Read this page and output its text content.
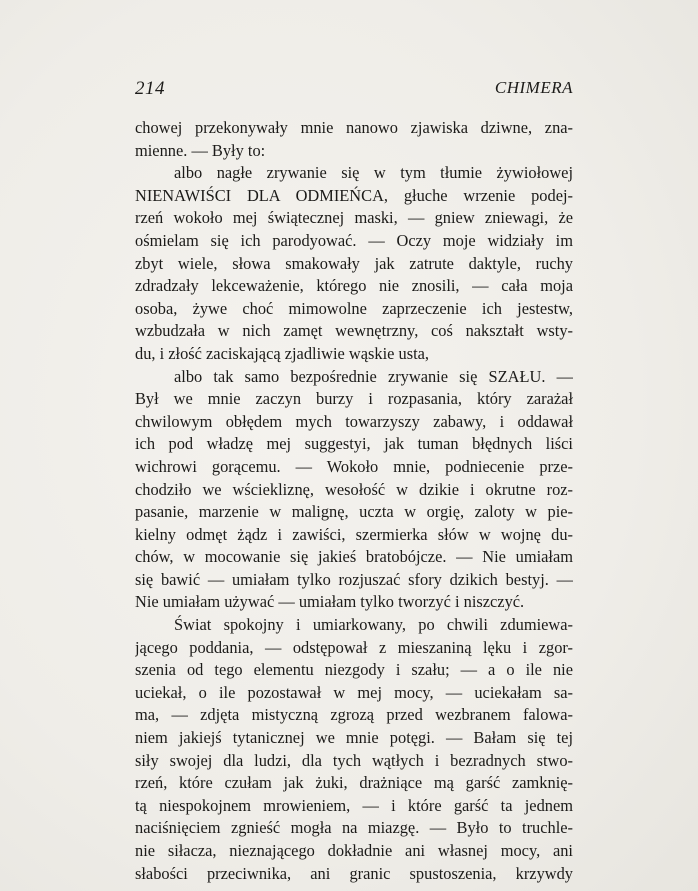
214	CHIMERA
chowej przekonywały mnie nanowo zjawiska dziwne, zna-
mienne. — Były to:
albo nagłe zrywanie się w tym tłumie żywiołowej
NIENAWIŚCI DLA ODMIEŃCA, głuche wrzenie podej-
rzeń wokoło mej świątecznej maski, — gniew zniewagi, że
ośmielam się ich parodyować. — Oczy moje widziały im
zbyt wiele, słowa smakowały jak zatrute daktyle, ruchy
zdradzały lekceważenie, którego nie znosili, — cała moja
osoba, żywe choć mimowolne zaprzeczenie ich jestestw,
wzbudzała w nich zamęt wewnętrzny, coś nakształt wsty-
du, i złość zaciskającą zjadliwie wąskie usta,
albo tak samo bezpośrednie zrywanie się SZAŁU. —
Był we mnie zaczyn burzy i rozpasania, który zarażał
chwilowym obłędem mych towarzyszy zabawy, i oddawał
ich pod władzę mej suggestyi, jak tuman błędnych liści
wichrowi gorącemu. — Wokoło mnie, podniecenie prze-
chodziło we wściekliznę, wesołość w dzikie i okrutne roz-
pasanie, marzenie w malignę, uczta w orgię, zaloty w pie-
kielny odmęt żądz i zawiści, szermierka słów w wojnę du-
chów, w mocowanie się jakieś bratobójcze. — Nie umiałam
się bawić — umiałam tylko rozjuszać sfory dzikich bestyj. —
Nie umiałam używać — umiałam tylko tworzyć i niszczyć.
Świat spokojny i umiarkowany, po chwili zdumiewa-
jącego poddania, — odstępował z mieszaniną lęku i zgor-
szenia od tego elementu niezgody i szału; — a o ile nie
uciekał, o ile pozostawał w mej mocy, — uciekałam sa-
ma, — zdjęta mistyczną zgrozą przed wezbranem falowa-
niem jakiejś tytanicznej we mnie potęgi. — Bałam się tej
siły swojej dla ludzi, dla tych wątłych i bezradnych stwo-
rzeń, które czułam jak żuki, drażniące mą garść zamknię-
tą niespokojnem mrowieniem, — i które garść ta jednem
naciśnięciem zgnieść mogła na miazgę. — Było to truchle-
nie siłacza, nieznającego dokładnie ani własnej mocy, ani
słabości przeciwnika, ani granic spustoszenia, krzywdy
